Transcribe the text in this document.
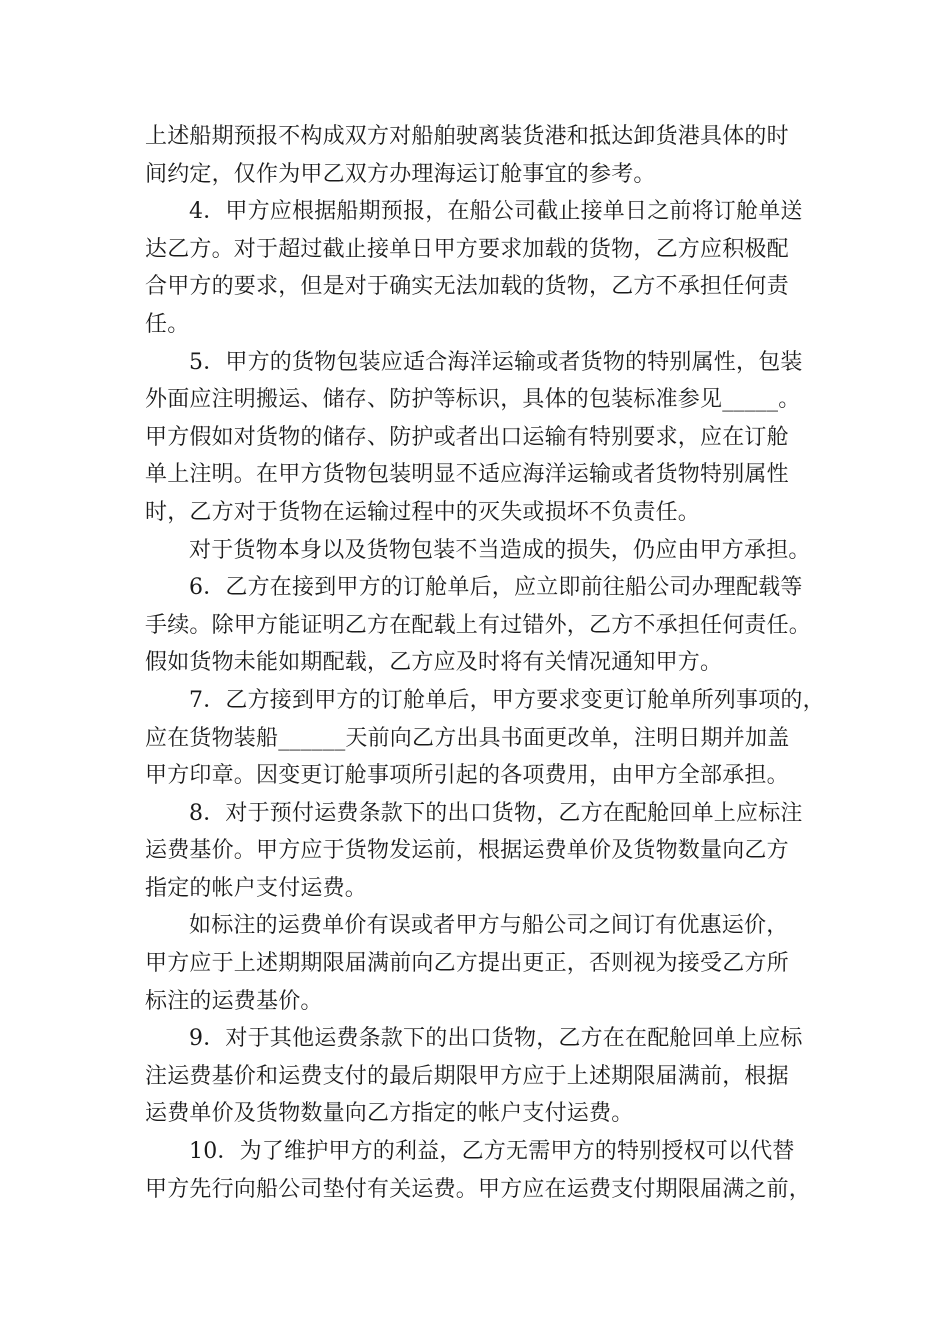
上述船期预报不构成双方对船舶驶离装货港和抵达卸货港具体的时
间约定，仅作为甲乙双方办理海运订舱事宜的参考。
4．甲方应根据船期预报，在船公司截止接单日之前将订舱单送
达乙方。对于超过截止接单日甲方要求加载的货物，乙方应积极配
合甲方的要求，但是对于确实无法加载的货物，乙方不承担任何责
任。
5．甲方的货物包装应适合海洋运输或者货物的特别属性，包装
外面应注明搬运、储存、防护等标识，具体的包装标准参见_____。
甲方假如对货物的储存、防护或者出口运输有特别要求，应在订舱
单上注明。在甲方货物包装明显不适应海洋运输或者货物特别属性
时，乙方对于货物在运输过程中的灭失或损坏不负责任。
对于货物本身以及货物包装不当造成的损失，仍应由甲方承担。
6．乙方在接到甲方的订舱单后，应立即前往船公司办理配载等
手续。除甲方能证明乙方在配载上有过错外，乙方不承担任何责任。
假如货物未能如期配载，乙方应及时将有关情况通知甲方。
7．乙方接到甲方的订舱单后，甲方要求变更订舱单所列事项的，
应在货物装船______天前向乙方出具书面更改单，注明日期并加盖
甲方印章。因变更订舱事项所引起的各项费用，由甲方全部承担。
8．对于预付运费条款下的出口货物，乙方在配舱回单上应标注
运费基价。甲方应于货物发运前，根据运费单价及货物数量向乙方
指定的帐户支付运费。
如标注的运费单价有误或者甲方与船公司之间订有优惠运价，
甲方应于上述期期限届满前向乙方提出更正，否则视为接受乙方所
标注的运费基价。
9．对于其他运费条款下的出口货物，乙方在在配舱回单上应标
注运费基价和运费支付的最后期限甲方应于上述期限届满前，根据
运费单价及货物数量向乙方指定的帐户支付运费。
10．为了维护甲方的利益，乙方无需甲方的特别授权可以代替
甲方先行向船公司垫付有关运费。甲方应在运费支付期限届满之前，
